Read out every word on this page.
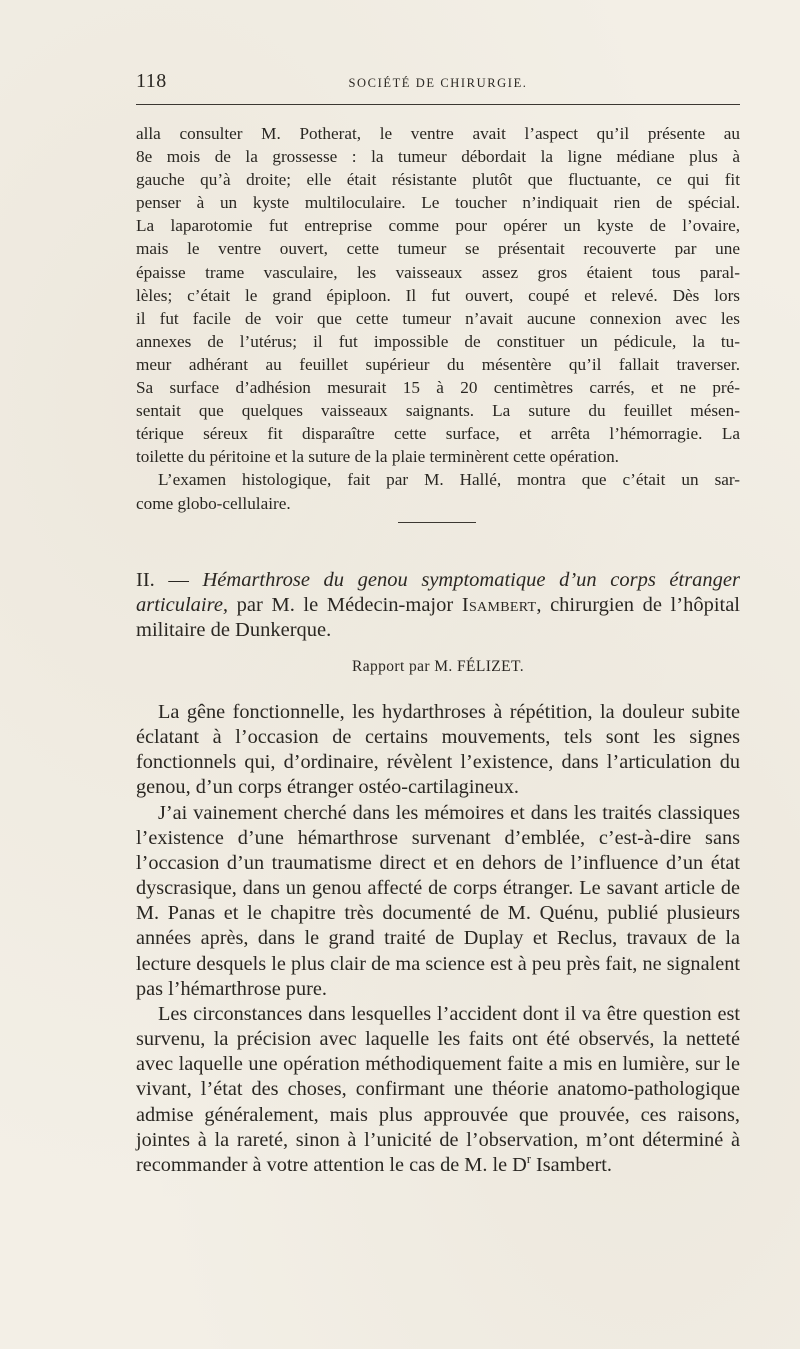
118	SOCIÉTÉ DE CHIRURGIE.

alla consulter M. Potherat, le ventre avait l’aspect qu’il présente au
8e mois de la grossesse : la tumeur débordait la ligne médiane plus à
gauche qu’à droite; elle était résistante plutôt que fluctuante, ce qui fit
penser à un kyste multiloculaire. Le toucher n’indiquait rien de spécial.
La laparotomie fut entreprise comme pour opérer un kyste de l’ovaire,
mais le ventre ouvert, cette tumeur se présentait recouverte par une
épaisse trame vasculaire, les vaisseaux assez gros étaient tous paral-
lèles; c’était le grand épiploon. Il fut ouvert, coupé et relevé. Dès lors
il fut facile de voir que cette tumeur n’avait aucune connexion avec les
annexes de l’utérus; il fut impossible de constituer un pédicule, la tu-
meur adhérant au feuillet supérieur du mésentère qu’il fallait traverser.
Sa surface d’adhésion mesurait 15 à 20 centimètres carrés, et ne pré-
sentait que quelques vaisseaux saignants. La suture du feuillet mésen-
térique séreux fit disparaître cette surface, et arrêta l’hémorragie. La
toilette du péritoine et la suture de la plaie terminèrent cette opération.

L’examen histologique, fait par M. Hallé, montra que c’était un sar-
come globo-cellulaire.

II. — Hémarthrose du genou symptomatique d’un corps étranger articulaire, par M. le Médecin-major Isambert, chirurgien de l’hôpital militaire de Dunkerque.
Rapport par M. FÉLIZET.

La gêne fonctionnelle, les hydarthroses à répétition, la douleur subite éclatant à l’occasion de certains mouvements, tels sont les signes fonctionnels qui, d’ordinaire, révèlent l’existence, dans l’articulation du genou, d’un corps étranger ostéo-cartilagineux.

J’ai vainement cherché dans les mémoires et dans les traités classiques l’existence d’une hémarthrose survenant d’emblée, c’est-à-dire sans l’occasion d’un traumatisme direct et en dehors de l’influence d’un état dyscrasique, dans un genou affecté de corps étranger. Le savant article de M. Panas et le chapitre très documenté de M. Quénu, publié plusieurs années après, dans le grand traité de Duplay et Reclus, travaux de la lecture desquels le plus clair de ma science est à peu près fait, ne signalent pas l’hémarthrose pure.

Les circonstances dans lesquelles l’accident dont il va être question est survenu, la précision avec laquelle les faits ont été observés, la netteté avec laquelle une opération méthodiquement faite a mis en lumière, sur le vivant, l’état des choses, confirmant une théorie anatomo-pathologique admise généralement, mais plus approuvée que prouvée, ces raisons, jointes à la rareté, sinon à l’unicité de l’observation, m’ont déterminé à recommander à votre attention le cas de M. le $D^r$ Isambert.
